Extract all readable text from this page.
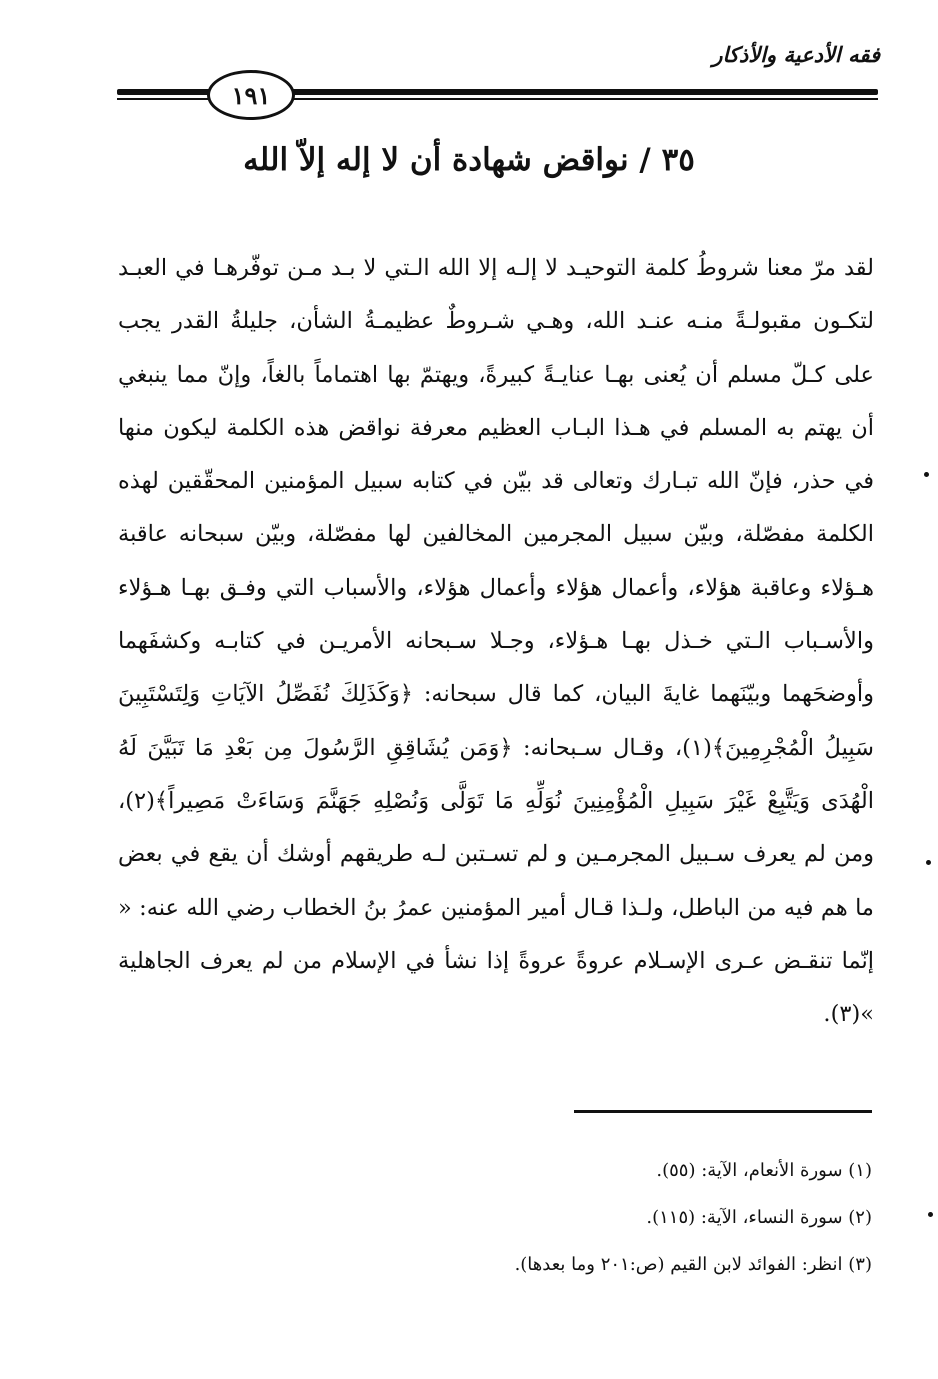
فقه الأدعية والأذكار
١٩١
٣٥ / نواقض شهادة أن لا إله إلاّ الله

لقد مرّ معنا شروطُ كلمة التوحيـد لا إلـه إلا الله الـتي لا بـد مـن توفّرهـا في العبـد لتكـون مقبولـةً منـه عنـد الله، وهـي شـروطٌ عظيمـةُ الشأن، جليلةُ القدر يجب على كـلّ مسلم أن يُعنى بهـا عنايـةً كبيرةً، ويهتمّ بها اهتماماً بالغاً، وإنّ مما ينبغي أن يهتم به المسلم في هـذا البـاب العظيم معرفة نواقض هذه الكلمة ليكون منها في حذر، فإنّ الله تبـارك وتعالى قد بيّن في كتابه سبيل المؤمنين المحقّقين لهذه الكلمة مفصّلة، وبيّن سبيل المجرمين المخالفين لها مفصّلة، وبيّن سبحانه عاقبة هـؤلاء وعاقبة هؤلاء، وأعمال هؤلاء وأعمال هؤلاء، والأسباب التي وفـق بهـا هـؤلاء والأسـباب الـتي خـذل بهـا هـؤلاء، وجـلا سـبحانه الأمريـن في كتابـه وكشفَهما وأوضحَهما وبيّنَهما غايةَ البيان، كما قال سبحانه: ﴿وَكَذَلِكَ نُفَصِّلُ الآيَاتِ وَلِتَسْتَبِينَ سَبِيلُ الْمُجْرِمِينَ﴾(١)، وقـال سـبحانه: ﴿وَمَن يُشَاقِقِ الرَّسُولَ مِن بَعْدِ مَا تَبَيَّنَ لَهُ الْهُدَى وَيَتَّبِعْ غَيْرَ سَبِيلِ الْمُؤْمِنِينَ نُوَلِّهِ مَا تَوَلَّى وَنُصْلِهِ جَهَنَّمَ وَسَاءَتْ مَصِيراً﴾(٢)، ومن لم يعرف سـبيل المجرمـين و لم تسـتبن لـه طريقهم أوشك أن يقع في بعض ما هم فيه من الباطل، ولـذا قـال أمير المؤمنين عمرُ بنُ الخطاب رضي الله عنه: « إنّما تنقـض عـرى الإسـلام عروةً عروةً إذا نشأ في الإسلام من لم يعرف الجاهلية »(٣).

(١) سورة الأنعام، الآية: (٥٥).
(٢) سورة النساء، الآية: (١١٥).
(٣) انظر: الفوائد لابن القيم (ص:٢٠١ وما بعدها).
